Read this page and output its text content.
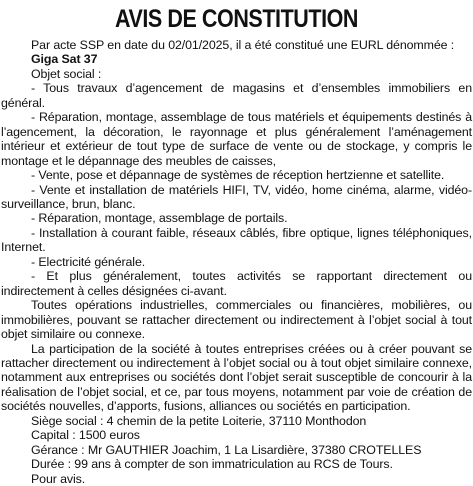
AVIS DE CONSTITUTION

Par acte SSP en date du 02/01/2025, il a été constitué une EURL dénommée :

Giga Sat 37

Objet social :

- Tous travaux d’agencement de magasins et d’ensembles immobiliers en général.

- Réparation, montage, assemblage de tous matériels et équipements destinés à l’agencement, la décoration, le rayonnage et plus généralement l’aménagement intérieur et extérieur de tout type de surface de vente ou de stockage, y compris le montage et le dépannage des meubles de caisses,

- Vente, pose et dépannage de systèmes de réception hertzienne et satellite.

- Vente et installation de matériels HIFI, TV, vidéo, home cinéma, alarme, vidéo-surveillance, brun, blanc.

- Réparation, montage, assemblage de portails.

- Installation à courant faible, réseaux câblés, fibre optique, lignes téléphoniques, Internet.

- Electricité générale.

- Et plus généralement, toutes activités se rapportant directement ou indirectement à celles désignées ci-avant.

Toutes opérations industrielles, commerciales ou financières, mobilières, ou immobilières, pouvant se rattacher directement ou indirectement à l’objet social à tout objet similaire ou connexe.

La participation de la société à toutes entreprises créées ou à créer pouvant se rattacher directement ou indirectement à l’objet social ou à tout objet similaire connexe, notamment aux entreprises ou sociétés dont l’objet serait susceptible de concourir à la réalisation de l’objet social, et ce, par tous moyens, notamment par voie de création de sociétés nouvelles, d’apports, fusions, alliances ou sociétés en participation.

Siège social : 4 chemin de la petite Loiterie, 37110 Monthodon

Capital : 1500 euros

Gérance : Mr GAUTHIER Joachim, 1 La Lisardière, 37380 CROTELLES

Durée : 99 ans à compter de son immatriculation au RCS de Tours.

Pour avis.
